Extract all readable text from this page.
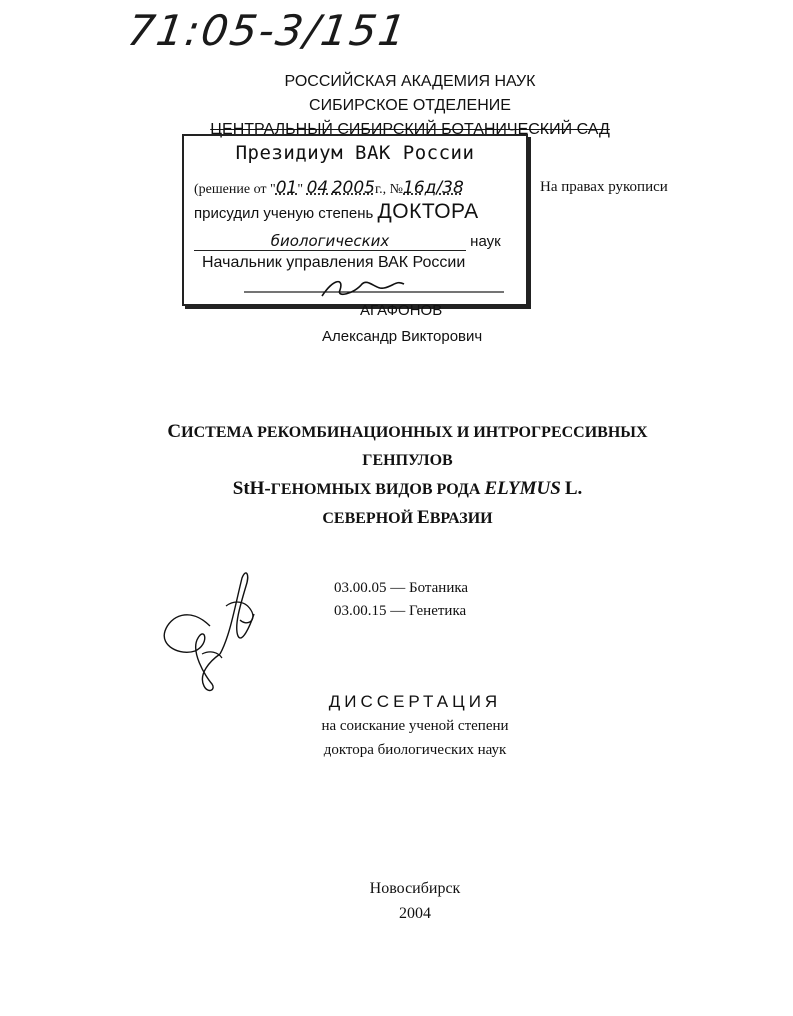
71:05-3/151
РОССИЙСКАЯ АКАДЕМИЯ НАУК
СИБИРСКОЕ ОТДЕЛЕНИЕ
ЦЕНТРАЛЬНЫЙ СИБИРСКИЙ БОТАНИЧЕСКИЙ САД
Президиум ВАК России
(решение от "01" 04 2005г., №16д/38
присудил ученую степень ДОКТОРА
биологических	наук
Начальник управления ВАК России
На правах рукописи
АГАФОНОВ
Александр Викторович
СИСТЕМА РЕКОМБИНАЦИОННЫХ И ИНТРОГРЕССИВНЫХ
ГЕНПУЛОВ
StH-ГЕНОМНЫХ ВИДОВ РОДА ELYMUS L.
СЕВЕРНОЙ ЕВРАЗИИ
03.00.05 — Ботаника
03.00.15 — Генетика
ДИССЕРТАЦИЯ
на соискание ученой степени
доктора биологических наук
Новосибирск
2004
